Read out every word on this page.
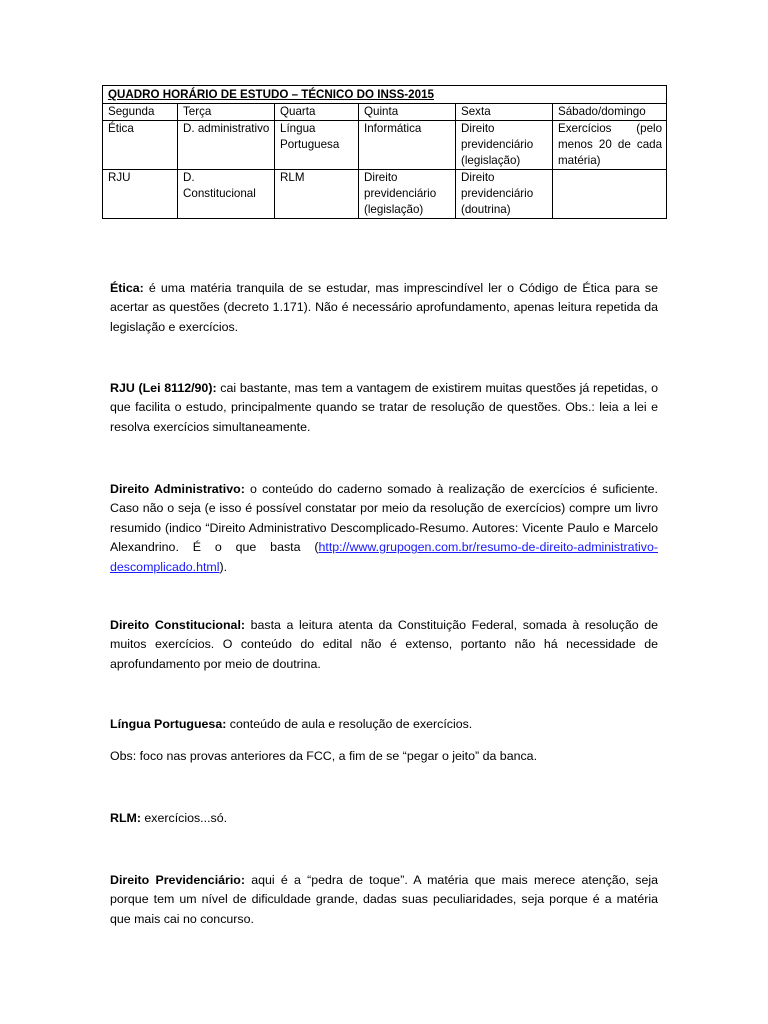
QUADRO HORÁRIO DE ESTUDO – TÉCNICO DO INSS-2015					
Segunda	Terça	Quarta	Quinta	Sexta	Sábado/domingo
Ética	D. administrativo	Língua Portuguesa	Informática	Direito previdenciário (legislação)	Exercícios (pelo menos 20 de cada matéria)
RJU	D. Constitucional	RLM	Direito previdenciário (legislação)	Direito previdenciário (doutrina)	

Ética: é uma matéria tranquila de se estudar, mas imprescindível ler o Código de Ética para se acertar as questões (decreto 1.171). Não é necessário aprofundamento, apenas leitura repetida da legislação e exercícios.

RJU (Lei 8112/90): cai bastante, mas tem a vantagem de existirem muitas questões já repetidas, o que facilita o estudo, principalmente quando se tratar de resolução de questões. Obs.: leia a lei e resolva exercícios simultaneamente.

Direito Administrativo: o conteúdo do caderno somado à realização de exercícios é suficiente. Caso não o seja (e isso é possível constatar por meio da resolução de exercícios) compre um livro resumido (indico “Direito Administrativo Descomplicado-Resumo. Autores: Vicente Paulo e Marcelo Alexandrino. É o que basta (http://www.grupogen.com.br/resumo-de-direito-administrativo-descomplicado.html).

Direito Constitucional: basta a leitura atenta da Constituição Federal, somada à resolução de muitos exercícios. O conteúdo do edital não é extenso, portanto não há necessidade de aprofundamento por meio de doutrina.

Língua Portuguesa: conteúdo de aula e resolução de exercícios.

Obs: foco nas provas anteriores da FCC, a fim de se “pegar o jeito” da banca.

RLM: exercícios...só.

Direito Previdenciário: aqui é a “pedra de toque”. A matéria que mais merece atenção, seja porque tem um nível de dificuldade grande, dadas suas peculiaridades, seja porque é a matéria que mais cai no concurso.
